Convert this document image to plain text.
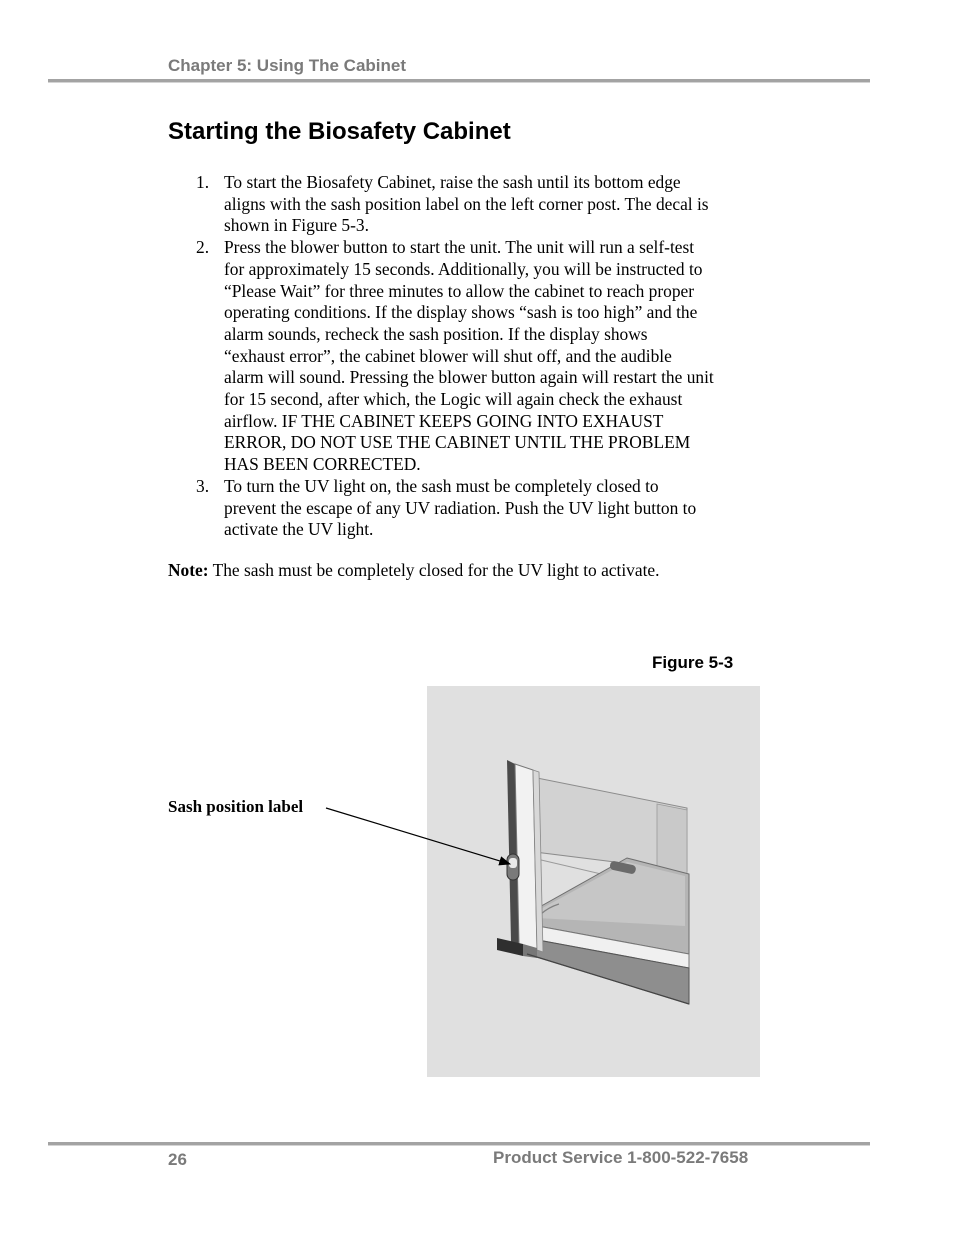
Chapter 5: Using The Cabinet
Starting the Biosafety Cabinet
1. To start the Biosafety Cabinet, raise the sash until its bottom edge
aligns with the sash position label on the left corner post. The decal is
shown in Figure 5-3.
2. Press the blower button to start the unit. The unit will run a self-test
for approximately 15 seconds. Additionally, you will be instructed to
“Please Wait” for three minutes to allow the cabinet to reach proper
operating conditions. If the display shows “sash is too high” and the
alarm sounds, recheck the sash position. If the display shows
“exhaust error”, the cabinet blower will shut off, and the audible
alarm will sound. Pressing the blower button again will restart the unit
for 15 second, after which, the Logic will again check the exhaust
airflow. IF THE CABINET KEEPS GOING INTO EXHAUST
ERROR, DO NOT USE THE CABINET UNTIL THE PROBLEM
HAS BEEN CORRECTED.
3. To turn the UV light on, the sash must be completely closed to
prevent the escape of any UV radiation. Push the UV light button to
activate the UV light.
Note: The sash must be completely closed for the UV light to activate.
Figure 5-3
Sash position label
26	Product Service 1-800-522-7658
